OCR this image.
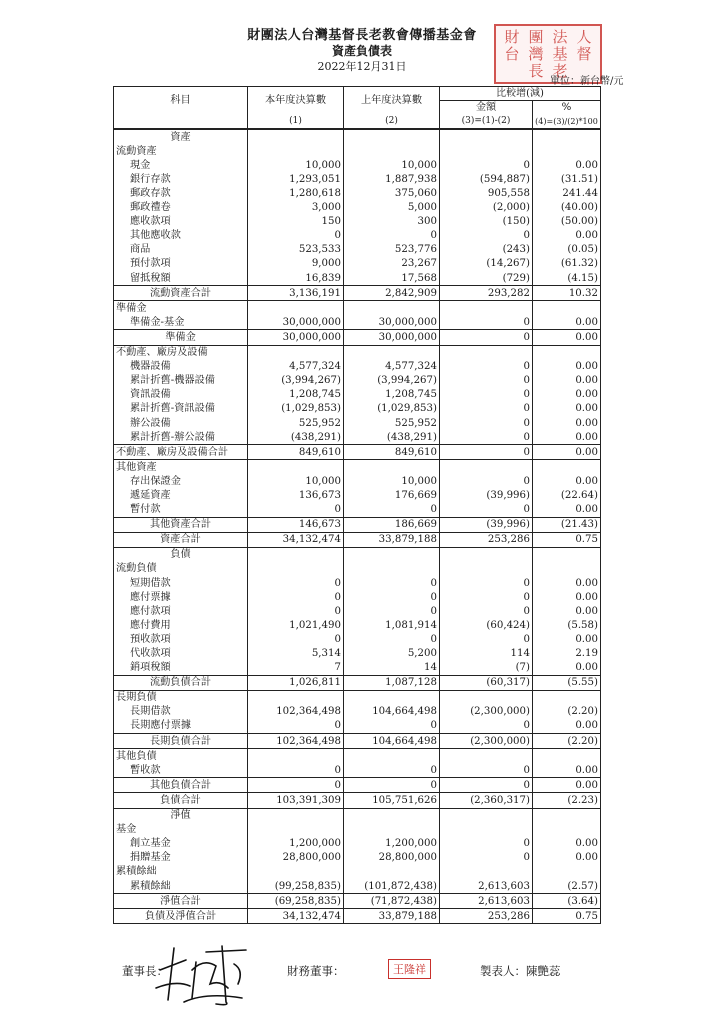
財團法人台灣基督長老教會傳播基金會
資產負債表
2022年12月31日
財 團 法 人
台 灣 基 督
長 老
單位：新台幣/元
科目	本年度決算數	上年度決算數	比較增(減)	
			金額	%
	(1)	(2)	(3)=(1)-(2)	(4)=(3)/(2)*100
資產				
流動資產				
現金	10,000	10,000	0	0.00
銀行存款	1,293,051	1,887,938	(594,887)	(31.51)
郵政存款	1,280,618	375,060	905,558	241.44
郵政禮卷	3,000	5,000	(2,000)	(40.00)
應收款項	150	300	(150)	(50.00)
其他應收款	0	0	0	0.00
商品	523,533	523,776	(243)	(0.05)
預付款項	9,000	23,267	(14,267)	(61.32)
留抵稅額	16,839	17,568	(729)	(4.15)
流動資產合計	3,136,191	2,842,909	293,282	10.32
準備金				
準備金-基金	30,000,000	30,000,000	0	0.00
準備金	30,000,000	30,000,000	0	0.00
不動產、廠房及設備				
機器設備	4,577,324	4,577,324	0	0.00
累計折舊-機器設備	(3,994,267)	(3,994,267)	0	0.00
資訊設備	1,208,745	1,208,745	0	0.00
累計折舊-資訊設備	(1,029,853)	(1,029,853)	0	0.00
辦公設備	525,952	525,952	0	0.00
累計折舊-辦公設備	(438,291)	(438,291)	0	0.00
不動產、廠房及設備合計	849,610	849,610	0	0.00
其他資產				
存出保證金	10,000	10,000	0	0.00
遞延資產	136,673	176,669	(39,996)	(22.64)
暫付款	0	0	0	0.00
其他資產合計	146,673	186,669	(39,996)	(21.43)
資產合計	34,132,474	33,879,188	253,286	0.75
負債				
流動負債				
短期借款	0	0	0	0.00
應付票據	0	0	0	0.00
應付款項	0	0	0	0.00
應付費用	1,021,490	1,081,914	(60,424)	(5.58)
預收款項	0	0	0	0.00
代收款項	5,314	5,200	114	2.19
銷項稅額	7	14	(7)	0.00
流動負債合計	1,026,811	1,087,128	(60,317)	(5.55)
長期負債				
長期借款	102,364,498	104,664,498	(2,300,000)	(2.20)
長期應付票據	0	0	0	0.00
長期負債合計	102,364,498	104,664,498	(2,300,000)	(2.20)
其他負債				
暫收款	0	0	0	0.00
其他負債合計	0	0	0	0.00
負債合計	103,391,309	105,751,626	(2,360,317)	(2.23)
淨值				
基金				
創立基金	1,200,000	1,200,000	0	0.00
捐贈基金	28,800,000	28,800,000	0	0.00
累積餘絀				
累積餘絀	(99,258,835)	(101,872,438)	2,613,603	(2.57)
淨值合計	(69,258,835)	(71,872,438)	2,613,603	(3.64)
負債及淨值合計	34,132,474	33,879,188	253,286	0.75
董事長：	財務董事：	王隆祥	製表人：陳艷蕊
